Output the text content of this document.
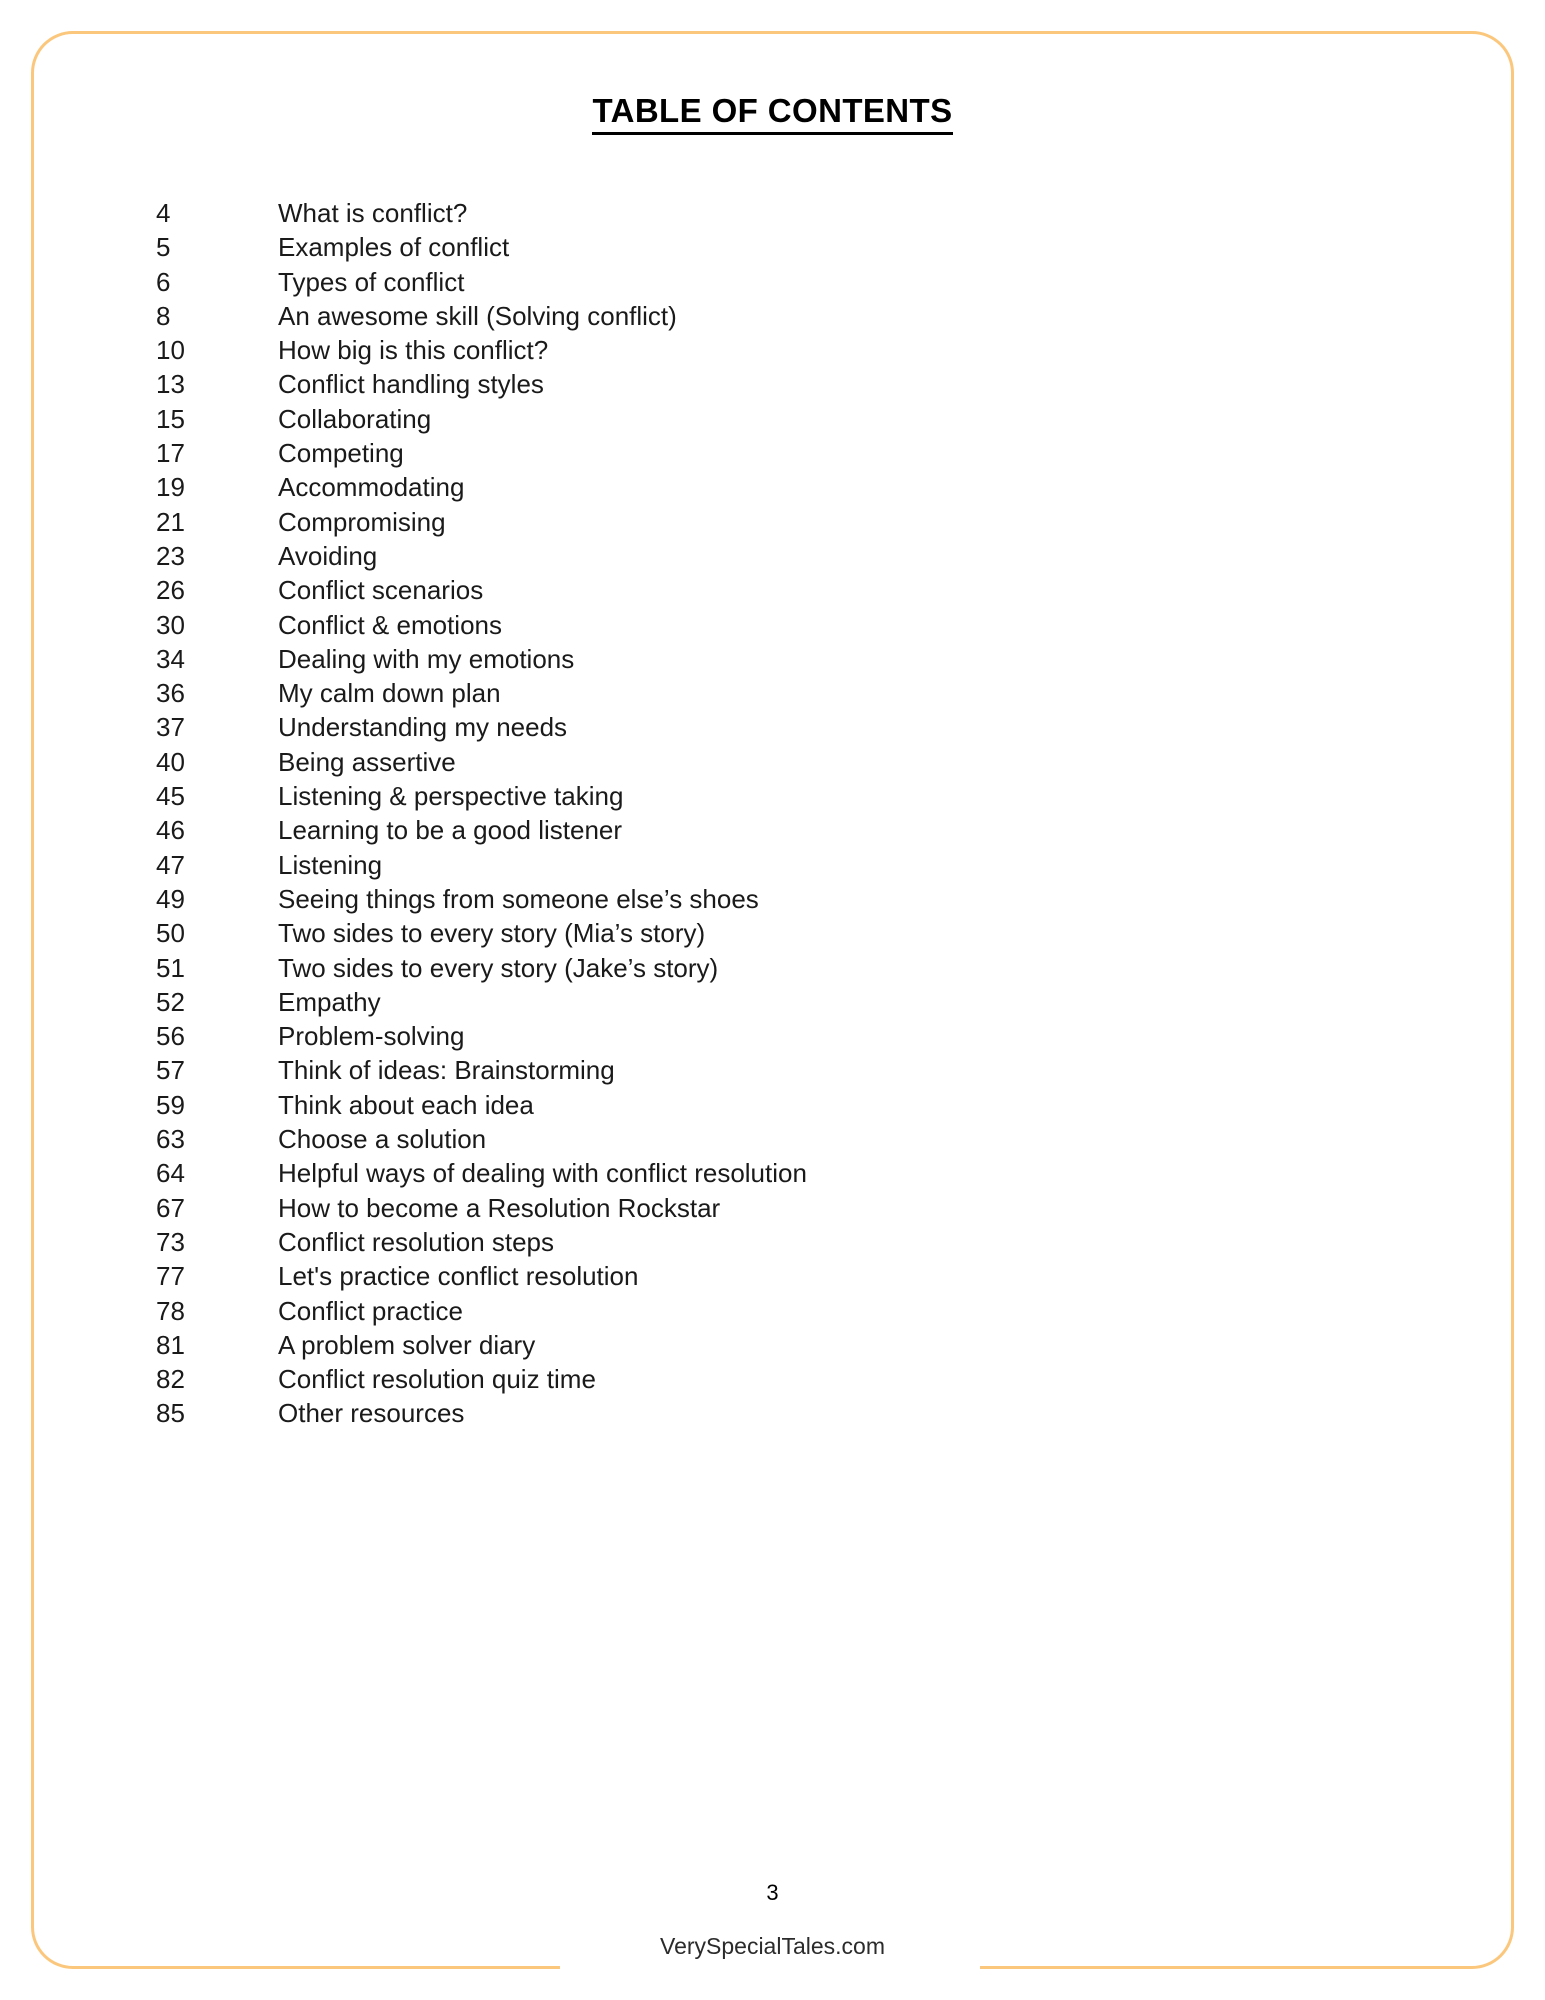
TABLE OF CONTENTS
4	What is conflict?
5	Examples of conflict
6	Types of conflict
8	An awesome skill (Solving conflict)
10	How big is this conflict?
13	Conflict handling styles
15	Collaborating
17	Competing
19	Accommodating
21	Compromising
23	Avoiding
26	Conflict scenarios
30	Conflict & emotions
34	Dealing with my emotions
36	My calm down plan
37	Understanding my needs
40	Being assertive
45	Listening & perspective taking
46	Learning to be a good listener
47	Listening
49	Seeing things from someone else’s shoes
50	Two sides to every story (Mia’s story)
51	Two sides to every story (Jake’s story)
52	Empathy
56	Problem-solving
57	Think of ideas: Brainstorming
59	Think about each idea
63	Choose a solution
64	Helpful ways of dealing with conflict resolution
67	How to become a Resolution Rockstar
73	Conflict resolution steps
77	Let's practice conflict resolution
78	Conflict practice
81	A problem solver diary
82	Conflict resolution quiz time
85	Other resources
3
VerySpecialTales.com
